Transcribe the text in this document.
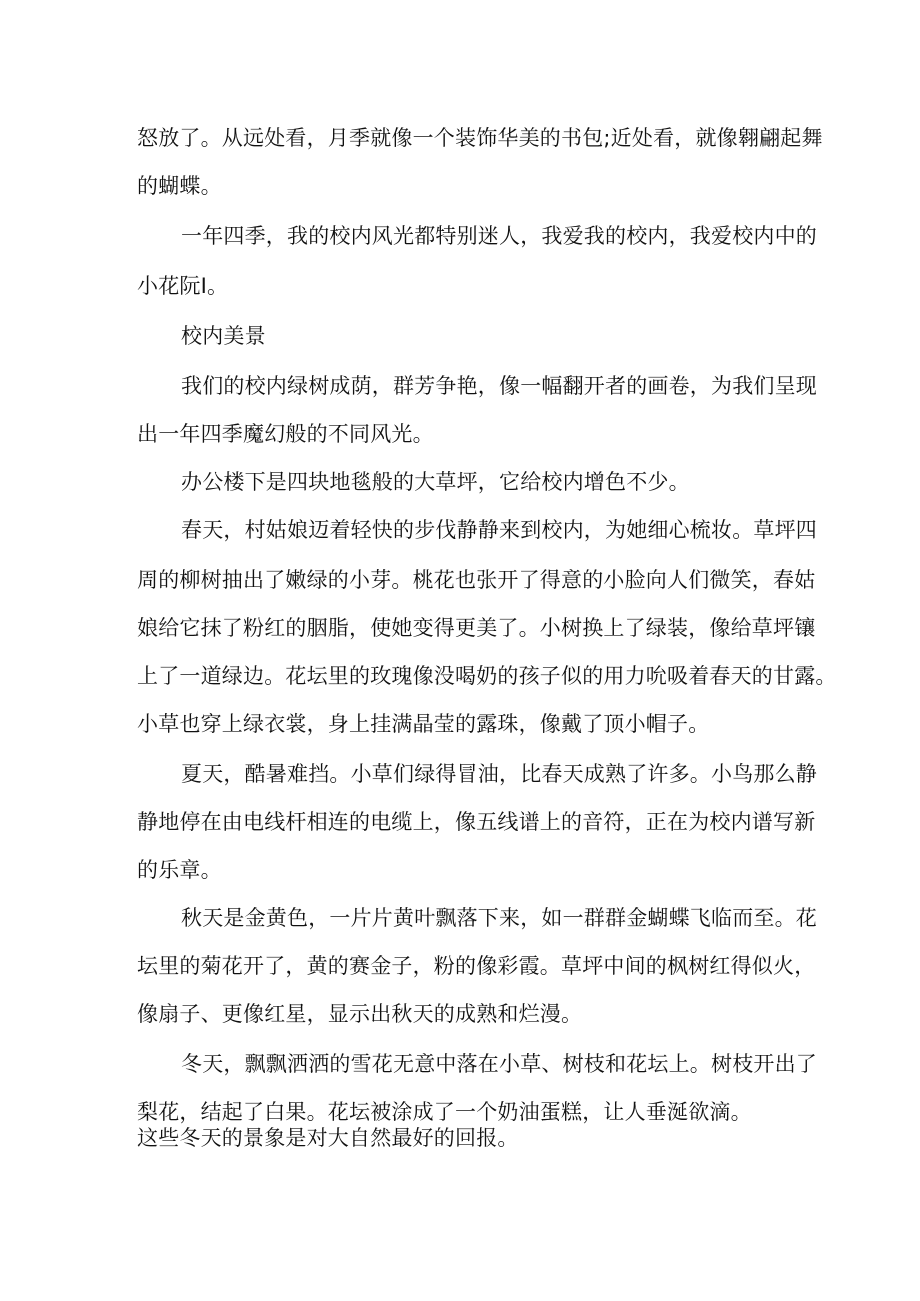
怒放了。从远处看，月季就像一个装饰华美的书包;近处看，就像翱翩起舞
的蝴蝶。
一年四季，我的校内风光都特别迷人，我爱我的校内，我爱校内中的
小花阮I。
校内美景
我们的校内绿树成荫，群芳争艳，像一幅翻开者的画卷，为我们呈现
出一年四季魔幻般的不同风光。
办公楼下是四块地毯般的大草坪，它给校内增色不少。
春天，村姑娘迈着轻快的步伐静静来到校内，为她细心梳妆。草坪四
周的柳树抽出了嫩绿的小芽。桃花也张开了得意的小脸向人们微笑，春姑
娘给它抹了粉红的胭脂，使她变得更美了。小树换上了绿装，像给草坪镶
上了一道绿边。花坛里的玫瑰像没喝奶的孩子似的用力吮吸着春天的甘露。
小草也穿上绿衣裳，身上挂满晶莹的露珠，像戴了顶小帽子。
夏天，酷暑难挡。小草们绿得冒油，比春天成熟了许多。小鸟那么静
静地停在由电线杆相连的电缆上，像五线谱上的音符，正在为校内谱写新
的乐章。
秋天是金黄色，一片片黄叶飘落下来，如一群群金蝴蝶飞临而至。花
坛里的菊花开了，黄的赛金子，粉的像彩霞。草坪中间的枫树红得似火，
像扇子、更像红星，显示出秋天的成熟和烂漫。
冬天，飘飘洒洒的雪花无意中落在小草、树枝和花坛上。树枝开出了
梨花，结起了白果。花坛被涂成了一个奶油蛋糕，让人垂涎欲滴。
这些冬天的景象是对大自然最好的回报。
